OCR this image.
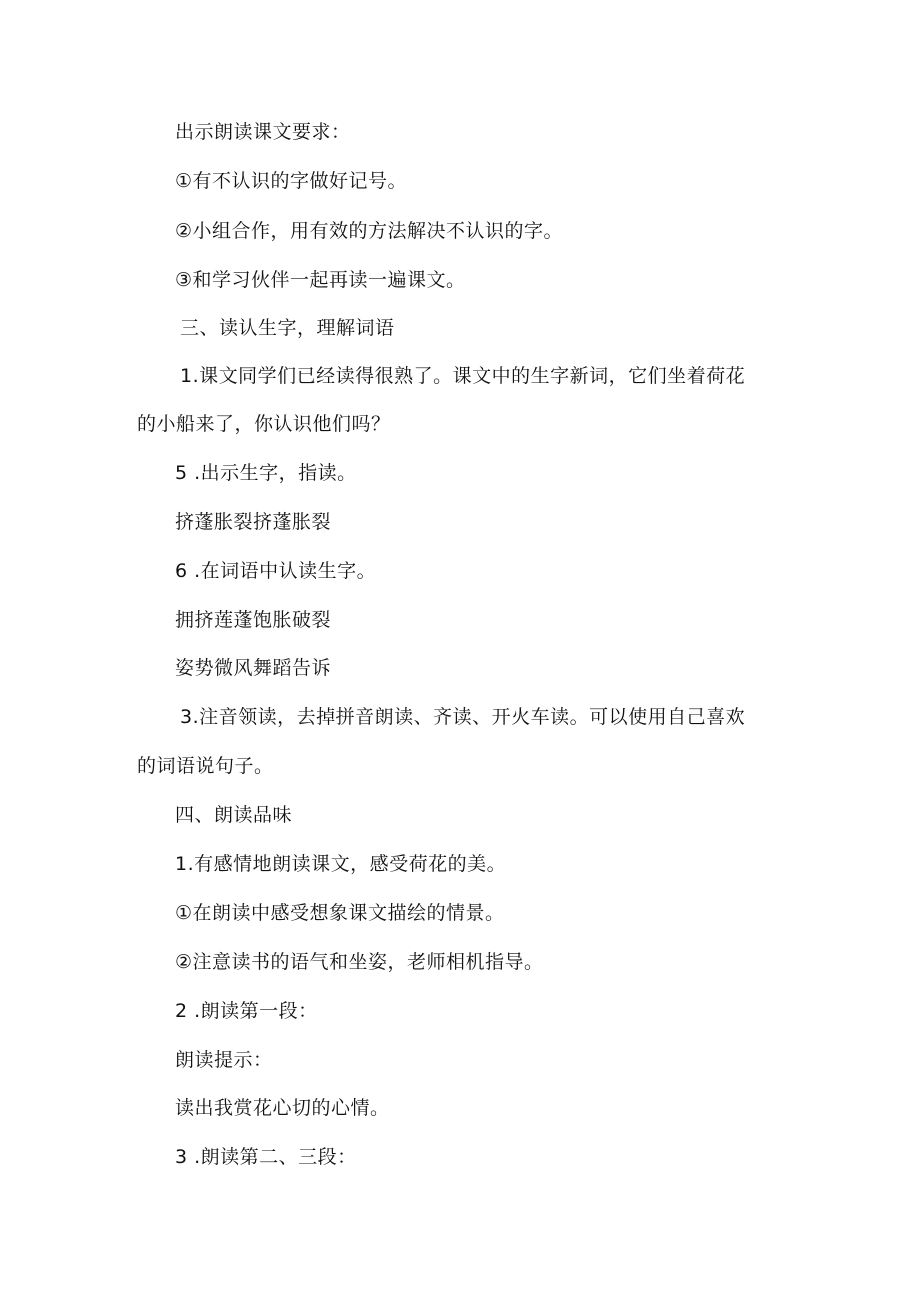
出示朗读课文要求：
①有不认识的字做好记号。
②小组合作，用有效的方法解决不认识的字。
③和学习伙伴一起再读一遍课文。
三、读认生字，理解词语
1.课文同学们已经读得很熟了。课文中的生字新词，它们坐着荷花
的小船来了，你认识他们吗？
5 .出示生字，指读。
挤蓬胀裂挤蓬胀裂
6 .在词语中认读生字。
拥挤莲蓬饱胀破裂
姿势微风舞蹈告诉
3.注音领读，去掉拼音朗读、齐读、开火车读。可以使用自己喜欢
的词语说句子。
四、朗读品味
1.有感情地朗读课文，感受荷花的美。
①在朗读中感受想象课文描绘的情景。
②注意读书的语气和坐姿，老师相机指导。
2 .朗读第一段：
朗读提示：
读出我赏花心切的心情。
3 .朗读第二、三段：
